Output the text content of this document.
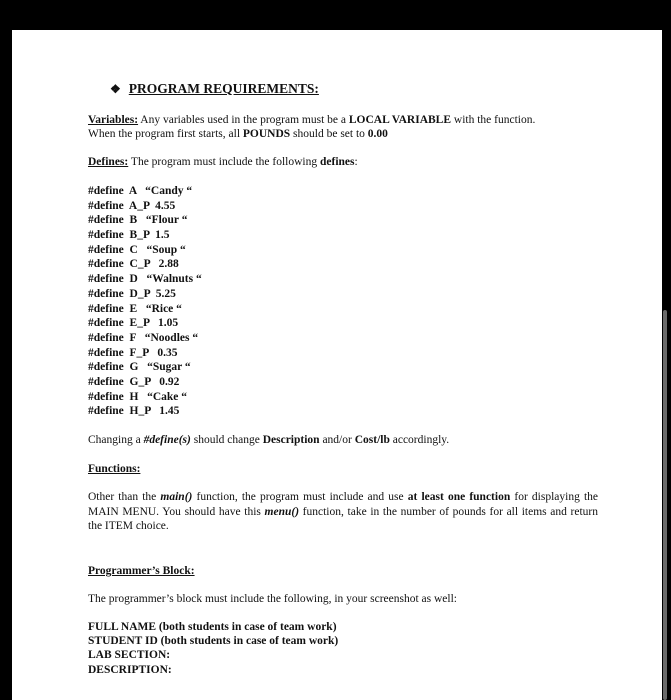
❖ PROGRAM REQUIREMENTS:

Variables: Any variables used in the program must be a LOCAL VARIABLE with the function.
When the program first starts, all POUNDS should be set to 0.00

Defines: The program must include the following defines:

#define  A   “Candy “
#define  A_P  4.55
#define  B   “Flour “
#define  B_P  1.5
#define  C   “Soup “
#define  C_P   2.88
#define  D   “Walnuts “
#define  D_P  5.25
#define  E   “Rice “
#define  E_P   1.05
#define  F   “Noodles “
#define  F_P   0.35
#define  G   “Sugar “
#define  G_P   0.92
#define  H   “Cake “
#define  H_P   1.45

Changing a #define(s) should change Description and/or Cost/lb accordingly.

Functions:

Other than the main() function, the program must include and use at least one function for displaying the MAIN MENU. You should have this menu() function, take in the number of pounds for all items and return the ITEM choice.

Programmer’s Block:

The programmer’s block must include the following, in your screenshot as well:

FULL NAME (both students in case of team work)
STUDENT ID (both students in case of team work)
LAB SECTION:
DESCRIPTION:
